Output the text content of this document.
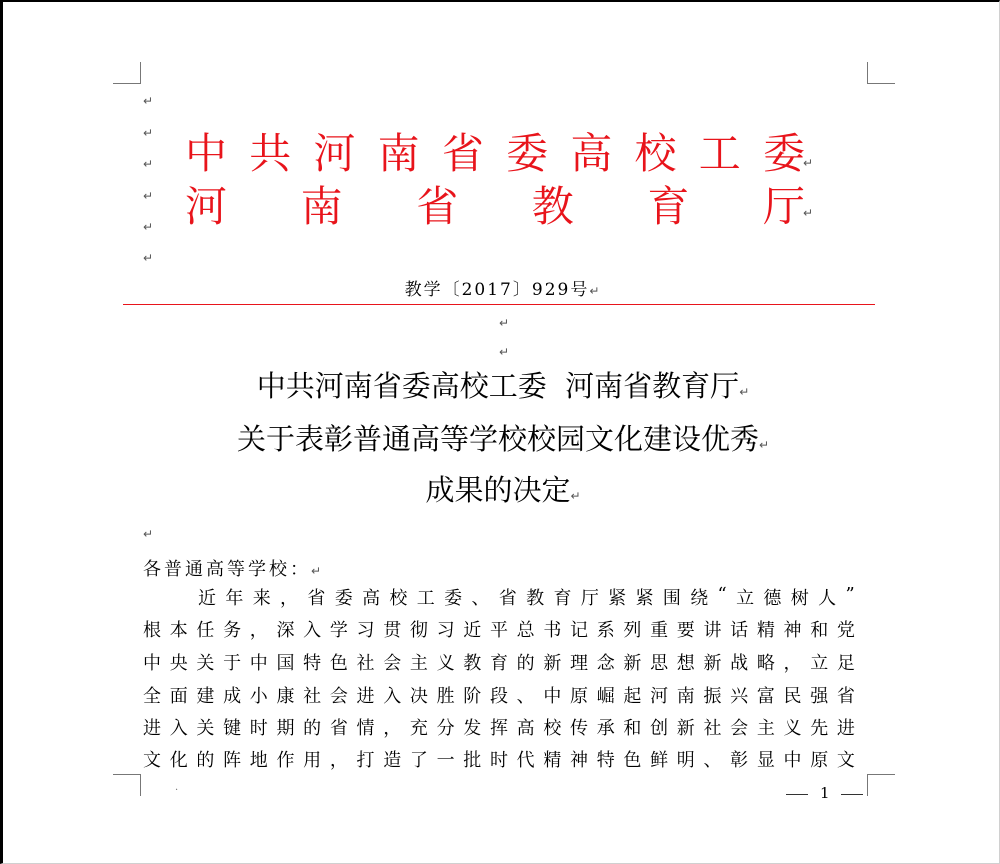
↵
↵
↵
↵
↵
↵
中 共 河 南 省 委 高 校 工 委
↵
河 南 省 教 育 厅
↵
教学〔2017〕929号↵
↵
↵
中共河南省委高校工委  河南省教育厅↵
关于表彰普通高等学校校园文化建设优秀↵
成果的决定↵
↵
各普通高等学校：↵
近 年 来 ， 省 委 高 校 工 委 、 省 教 育 厅 紧 紧 围 绕 “ 立 德 树 人 ”
根 本 任 务 ， 深 入 学 习 贯 彻 习 近 平 总 书 记 系 列 重 要 讲 话 精 神 和 党
中 央 关 于 中 国 特 色 社 会 主 义 教 育 的 新 理 念 新 思 想 新 战 略 ， 立 足
全 面 建 成 小 康 社 会 进 入 决 胜 阶 段 、 中 原 崛 起 河 南 振 兴 富 民 强 省
进 入 关 键 时 期 的 省 情 ， 充 分 发 挥 高 校 传 承 和 创 新 社 会 主 义 先 进
文 化 的 阵 地 作 用 ， 打 造 了 一 批 时 代 精 神 特 色 鲜 明 、 彰 显 中 原 文
·	1
